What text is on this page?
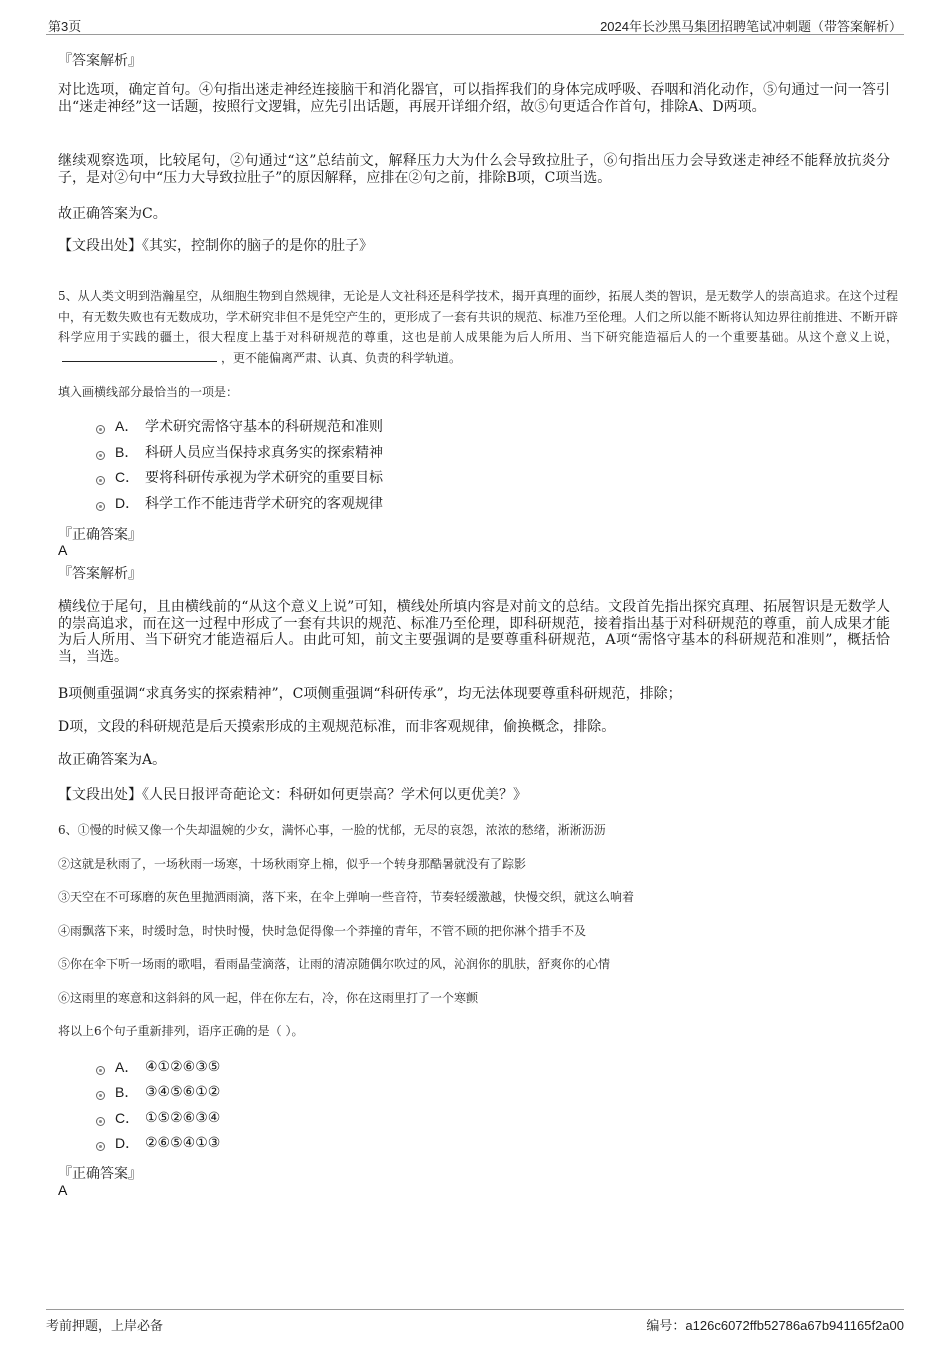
第3页	2024年长沙黑马集团招聘笔试冲刺题（带答案解析）
『答案解析』
对比选项，确定首句。④句指出迷走神经连接脑干和消化器官，可以指挥我们的身体完成呼吸、吞咽和消化动作，⑤句通过一问一答引出“迷走神经”这一话题，按照行文逻辑，应先引出话题，再展开详细介绍，故⑤句更适合作首句，排除A、D两项。
继续观察选项，比较尾句，②句通过“这”总结前文，解释压力大为什么会导致拉肚子，⑥句指出压力会导致迷走神经不能释放抗炎分子，是对②句中“压力大导致拉肚子”的原因解释，应排在②句之前，排除B项，C项当选。
故正确答案为C。
【文段出处】《其实，控制你的脑子的是你的肚子》
5、从人类文明到浩瀚星空，从细胞生物到自然规律，无论是人文社科还是科学技术，揭开真理的面纱，拓展人类的智识，是无数学人的崇高追求。在这个过程中，有无数失败也有无数成功，学术研究非但不是凭空产生的，更形成了一套有共识的规范、标准乃至伦理。人们之所以能不断将认知边界往前推进、不断开辟科学应用于实践的疆土，很大程度上基于对科研规范的尊重，这也是前人成果能为后人所用、当下研究能造福后人的一个重要基础。从这个意义上说，，更不能偏离严肃、认真、负责的科学轨道。
填入画横线部分最恰当的一项是：
A． 学术研究需恪守基本的科研规范和准则
B． 科研人员应当保持求真务实的探索精神
C． 要将科研传承视为学术研究的重要目标
D． 科学工作不能违背学术研究的客观规律
『正确答案』
A
『答案解析』
横线位于尾句，且由横线前的“从这个意义上说”可知，横线处所填内容是对前文的总结。文段首先指出探究真理、拓展智识是无数学人的崇高追求，而在这一过程中形成了一套有共识的规范、标准乃至伦理，即科研规范，接着指出基于对科研规范的尊重，前人成果才能为后人所用、当下研究才能造福后人。由此可知，前文主要强调的是要尊重科研规范，A项“需恪守基本的科研规范和准则”，概括恰当，当选。
B项侧重强调“求真务实的探索精神”，C项侧重强调“科研传承”，均无法体现要尊重科研规范，排除；
D项，文段的科研规范是后天摸索形成的主观规范标准，而非客观规律，偷换概念，排除。
故正确答案为A。
【文段出处】《人民日报评奇葩论文：科研如何更崇高？学术何以更优美？》
6、①慢的时候又像一个失却温婉的少女，满怀心事，一脸的忧郁，无尽的哀怨，浓浓的愁绪，淅淅沥沥
②这就是秋雨了，一场秋雨一场寒，十场秋雨穿上棉，似乎一个转身那酷暑就没有了踪影
③天空在不可琢磨的灰色里抛洒雨滴，落下来，在伞上弹响一些音符，节奏轻缓激越，快慢交织，就这么响着
④雨飘落下来，时缓时急，时快时慢，快时急促得像一个莽撞的青年，不管不顾的把你淋个措手不及
⑤你在伞下听一场雨的歌唱，看雨晶莹滴落，让雨的清凉随偶尔吹过的风，沁润你的肌肤，舒爽你的心情
⑥这雨里的寒意和这斜斜的风一起，伴在你左右，冷，你在这雨里打了一个寒颤
将以上6个句子重新排列，语序正确的是（ ）。
A． ④①②⑥③⑤
B． ③④⑤⑥①②
C． ①⑤②⑥③④
D． ②⑥⑤④①③
『正确答案』
A
考前押题，上岸必备	编号：a126c6072ffb52786a67b941165f2a00
